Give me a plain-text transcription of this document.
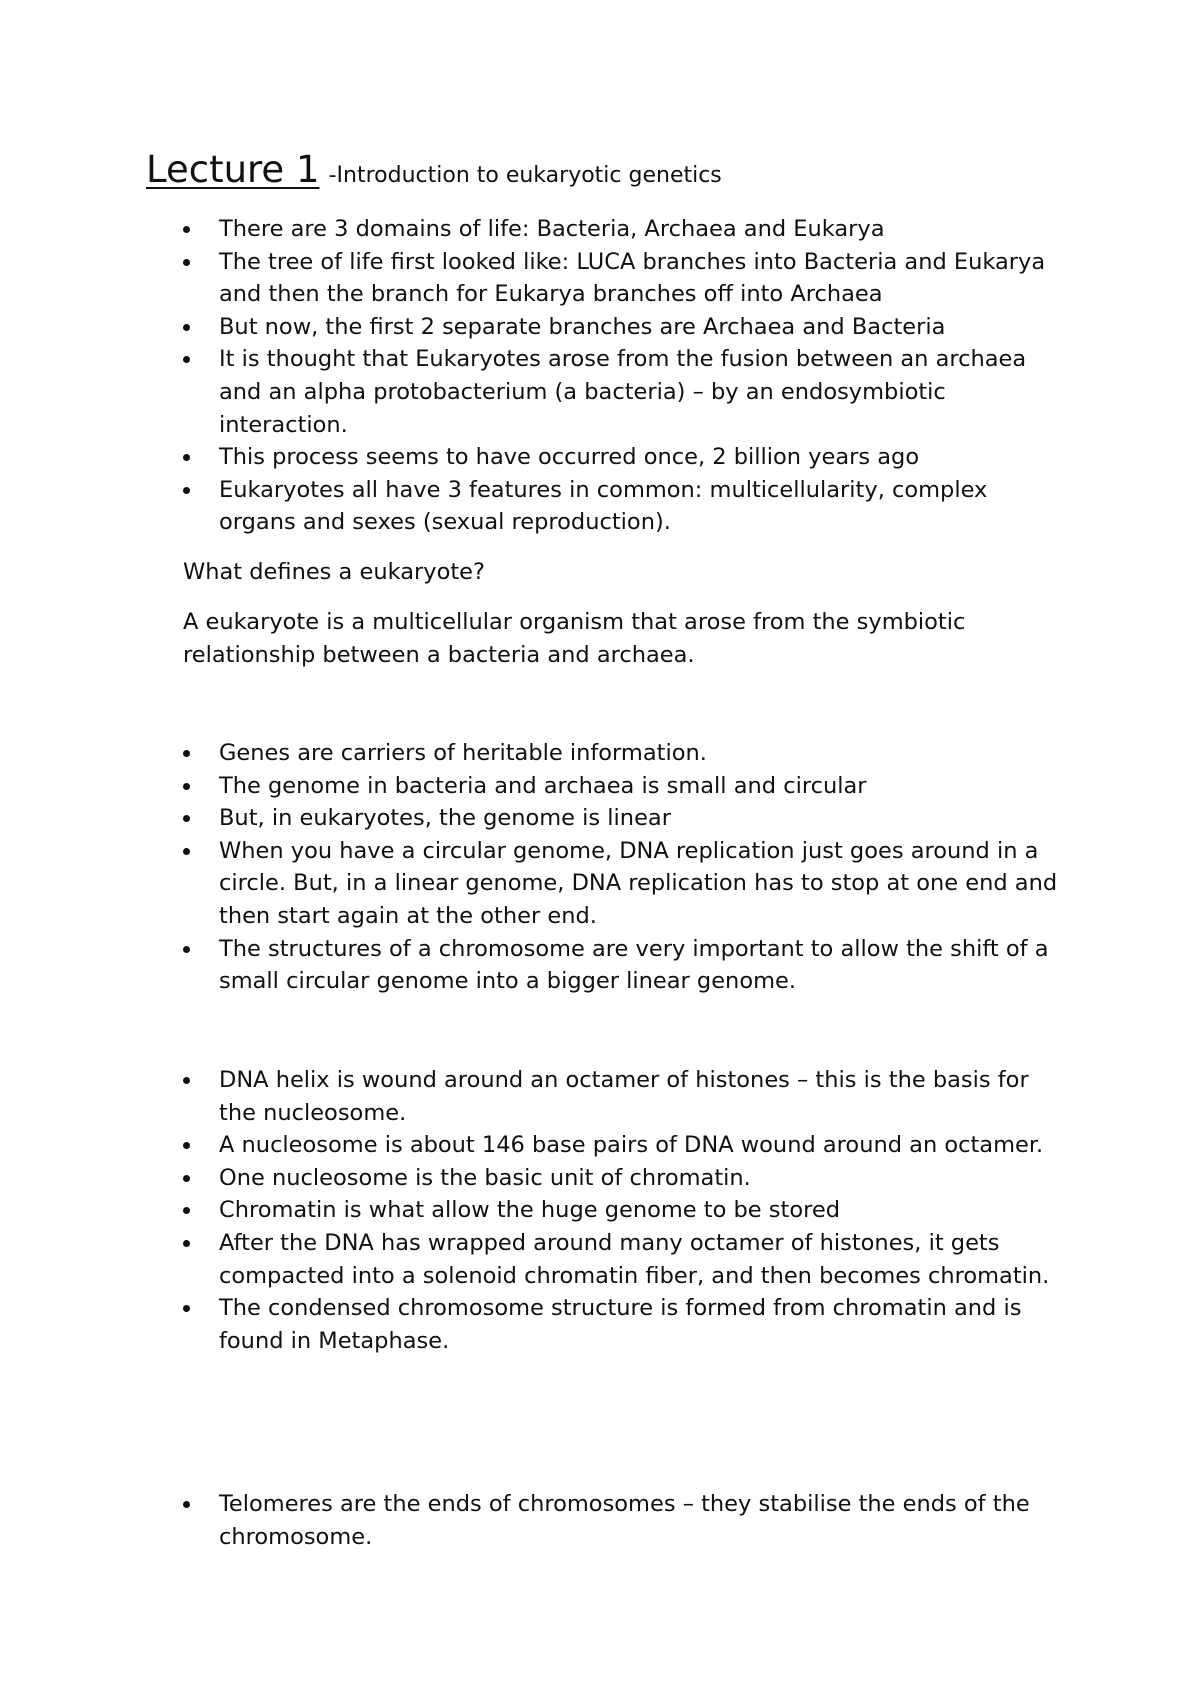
Lecture 1 -Introduction to eukaryotic genetics
There are 3 domains of life: Bacteria, Archaea and Eukarya
The tree of life first looked like: LUCA branches into Bacteria and Eukarya and then the branch for Eukarya branches off into Archaea
But now, the first 2 separate branches are Archaea and Bacteria
It is thought that Eukaryotes arose from the fusion between an archaea and an alpha protobacterium (a bacteria) – by an endosymbiotic interaction.
This process seems to have occurred once, 2 billion years ago
Eukaryotes all have 3 features in common: multicellularity, complex organs and sexes (sexual reproduction).

What defines a eukaryote?

A eukaryote is a multicellular organism that arose from the symbiotic relationship between a bacteria and archaea.

Genes are carriers of heritable information.
The genome in bacteria and archaea is small and circular
But, in eukaryotes, the genome is linear
When you have a circular genome, DNA replication just goes around in a circle. But, in a linear genome, DNA replication has to stop at one end and then start again at the other end.
The structures of a chromosome are very important to allow the shift of a small circular genome into a bigger linear genome.
DNA helix is wound around an octamer of histones – this is the basis for the nucleosome.
A nucleosome is about 146 base pairs of DNA wound around an octamer.
One nucleosome is the basic unit of chromatin.
Chromatin is what allow the huge genome to be stored
After the DNA has wrapped around many octamer of histones, it gets compacted into a solenoid chromatin fiber, and then becomes chromatin.
The condensed chromosome structure is formed from chromatin and is found in Metaphase.
Telomeres are the ends of chromosomes – they stabilise the ends of the chromosome.
